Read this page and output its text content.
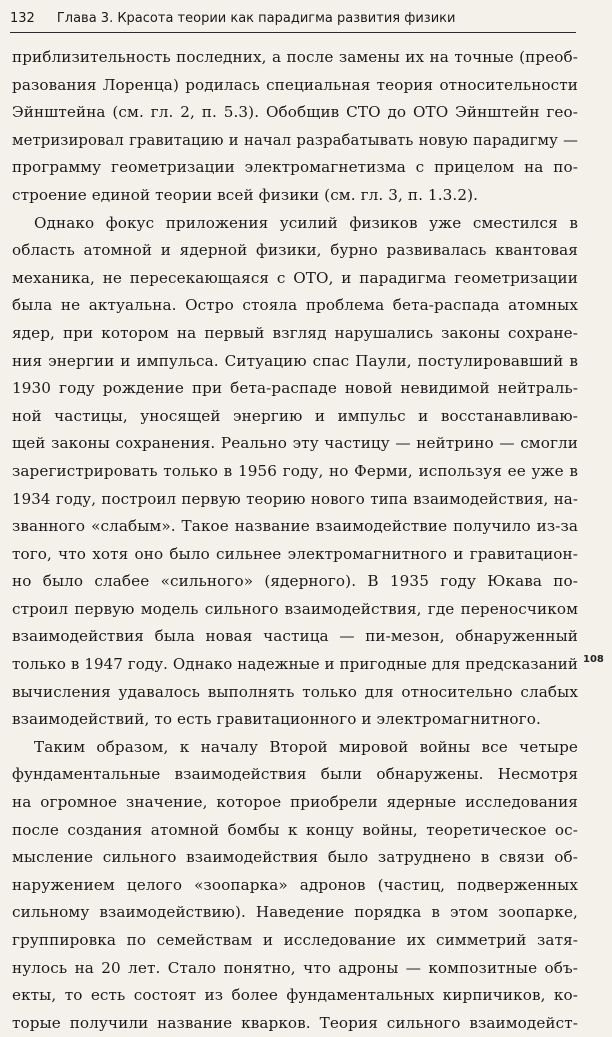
132 Глава 3. Красота теории как парадигма развития физики
приблизительность последних, а после замены их на точные (преоб-
разования Лоренца) родилась специальная теория относительности
Эйнштейна (см. гл. 2, п. 5.3). Обобщив СТО до ОТО Эйнштейн гео-
метризировал гравитацию и начал разрабатывать новую парадигму —
программу геометризации электромагнетизма с прицелом на по-
строение единой теории всей физики (см. гл. 3, п. 1.3.2).
Однако фокус приложения усилий физиков уже сместился в
область атомной и ядерной физики, бурно развивалась квантовая
механика, не пересекающаяся с ОТО, и парадигма геометризации
была не актуальна. Остро стояла проблема бета-распада атомных
ядер, при котором на первый взгляд нарушались законы сохране-
ния энергии и импульса. Ситуацию спас Паули, постулировавший в
1930 году рождение при бета-распаде новой невидимой нейтраль-
ной частицы, уносящей энергию и импульс и восстанавливаю-
щей законы сохранения. Реально эту частицу — нейтрино — смогли
зарегистрировать только в 1956 году, но Ферми, используя ее уже в
1934 году, построил первую теорию нового типа взаимодействия, на-
званного «слабым». Такое название взаимодействие получило из-за
того, что хотя оно было сильнее электромагнитного и гравитацион-
но было слабее «сильного» (ядерного). В 1935 году Юкава по-
строил первую модель сильного взаимодействия, где переносчиком
взаимодействия была новая частица — пи-мезон, обнаруженный
только в 1947 году. Однако надежные и пригодные для предсказаний
вычисления удавалось выполнять только для относительно слабых
взаимодействий, то есть гравитационного и электромагнитного.
Таким образом, к началу Второй мировой войны все четыре
фундаментальные взаимодействия были обнаружены. Несмотря
на огромное значение, которое приобрели ядерные исследования
после создания атомной бомбы к концу войны, теоретическое ос-
мысление сильного взаимодействия было затруднено в связи об-
наружением целого «зоопарка» адронов (частиц, подверженных
сильному взаимодействию). Наведение порядка в этом зоопарке,
группировка по семействам и исследование их симметрий затя-
нулось на 20 лет. Стало понятно, что адроны — композитные объ-
екты, то есть состоят из более фундаментальных кирпичиков, ко-
торые получили название кварков. Теория сильного взаимодейст-
108
